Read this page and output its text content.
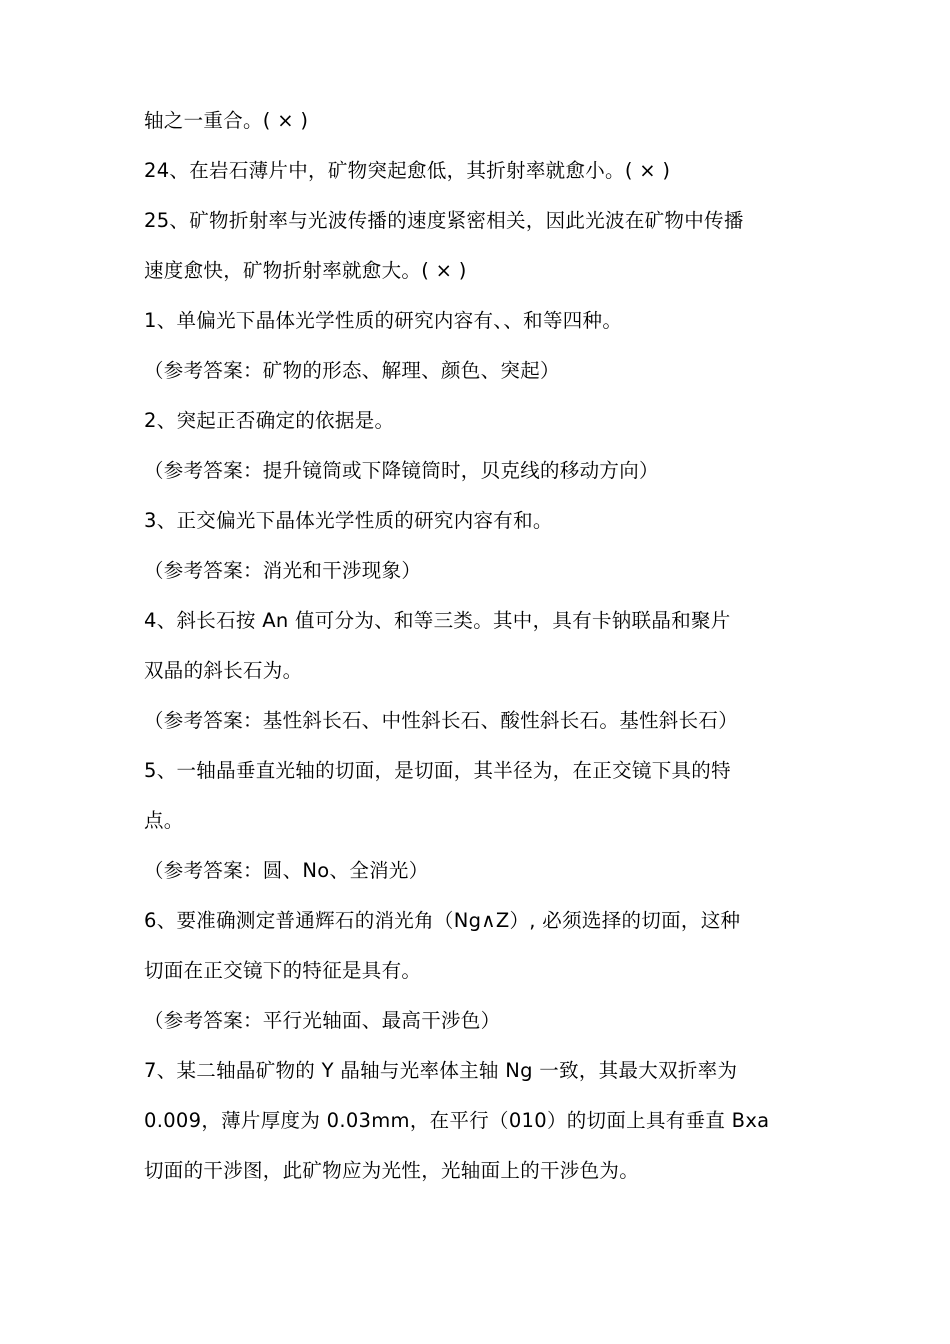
轴之一重合。( × )
24、在岩石薄片中，矿物突起愈低，其折射率就愈小。( × )
25、矿物折射率与光波传播的速度紧密相关，因此光波在矿物中传播
速度愈快，矿物折射率就愈大。( × )
1、单偏光下晶体光学性质的研究内容有、、和等四种。
（参考答案：矿物的形态、解理、颜色、突起）
2、突起正否确定的依据是。
（参考答案：提升镜筒或下降镜筒时，贝克线的移动方向）
3、正交偏光下晶体光学性质的研究内容有和。
（参考答案：消光和干涉现象）
4、斜长石按 An 值可分为、和等三类。其中，具有卡钠联晶和聚片
双晶的斜长石为。
（参考答案：基性斜长石、中性斜长石、酸性斜长石。基性斜长石）
5、一轴晶垂直光轴的切面，是切面，其半径为，在正交镜下具的特
点。
（参考答案：圆、No、全消光）
6、要准确测定普通辉石的消光角（Ng∧Z）, 必须选择的切面，这种
切面在正交镜下的特征是具有。
（参考答案：平行光轴面、最高干涉色）
7、某二轴晶矿物的 Y 晶轴与光率体主轴 Ng 一致，其最大双折率为
0.009，薄片厚度为 0.03mm，在平行（010）的切面上具有垂直 Bxa
切面的干涉图，此矿物应为光性，光轴面上的干涉色为。
